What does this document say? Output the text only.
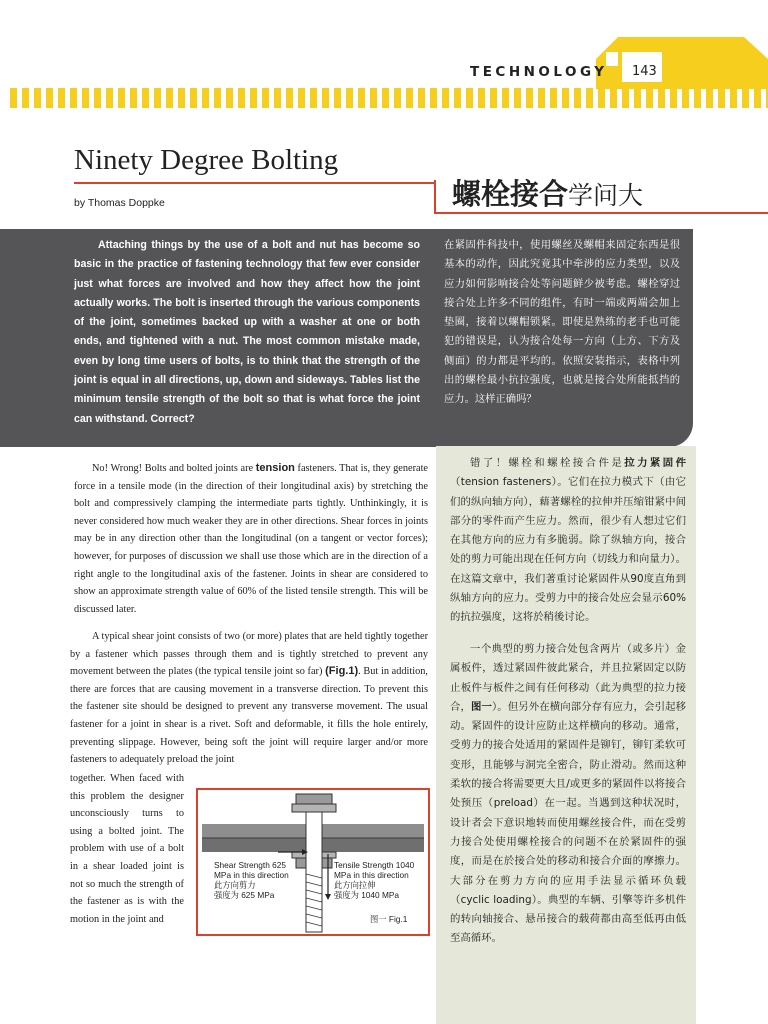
TECHNOLOGY 143
Ninety Degree Bolting
螺栓接合学问大
by Thomas Doppke

Attaching things by the use of a bolt and nut has become so basic in the practice of fastening technology that few ever consider just what forces are involved and how they affect how the joint actually works. The bolt is inserted through the various components of the joint, sometimes backed up with a washer at one or both ends, and tightened with a nut. The most common mistake made, even by long time users of bolts, is to think that the strength of the joint is equal in all directions, up, down and sideways. Tables list the minimum tensile strength of the bolt so that is what force the joint can withstand. Correct?

在紧固件科技中，使用螺丝及螺帽来固定东西是很基本的动作，因此究竟其中牵涉的应力类型，以及应力如何影响接合处等问题鲜少被考虑。螺栓穿过接合处上许多不同的组件，有时一端或两端会加上垫圈，接着以螺帽锁紧。即使是熟练的老手也可能犯的错误是，认为接合处每一方向（上方、下方及侧面）的力都是平均的。依照安装指示，表格中列出的螺栓最小抗拉强度，也就是接合处所能抵挡的应力。这样正确吗？

No! Wrong! Bolts and bolted joints are tension fasteners. That is, they generate force in a tensile mode (in the direction of their longitudinal axis) by stretching the bolt and compressively clamping the intermediate parts tightly. Unthinkingly, it is never considered how much weaker they are in other directions. Shear forces in joints may be in any direction other than the longitudinal (on a tangent or vector forces); however, for purposes of discussion we shall use those which are in the direction of a right angle to the longitudinal axis of the fastener. Joints in shear are considered to show an approximate strength value of 60% of the listed tensile strength. This will be discussed later.

A typical shear joint consists of two (or more) plates that are held tightly together by a fastener which passes through them and is tightly stretched to prevent any movement between the plates (the typical tensile joint so far) (Fig.1). But in addition, there are forces that are causing movement in a transverse direction. To prevent this the fastener site should be designed to prevent any transverse movement. The usual fastener for a joint in shear is a rivet. Soft and deformable, it fills the hole entirely, preventing slippage. However, being soft the joint will require larger and/or more fasteners to adequately preload the joint

together. When faced with this problem the designer unconsciously turns to using a bolted joint. The problem with use of a bolt in a shear loaded joint is not so much the strength of the fastener as is with the motion in the joint and

错了！螺栓和螺栓接合件是拉力紧固件（tension fasteners）。它们在拉力模式下（由它们的纵向轴方向），藉著螺栓的拉伸并压缩钳紧中间部分的零件而产生应力。然而，很少有人想过它们在其他方向的应力有多脆弱。除了纵轴方向，接合处的剪力可能出现在任何方向（切线力和向量力）。在这篇文章中，我们著重讨论紧固件从90度直角到纵轴方向的应力。受剪力中的接合处应会显示60%的抗拉强度，这将於稍後讨论。

一个典型的剪力接合处包含两片（或多片）金属板件，透过紧固件彼此紧合，并且拉紧固定以防止板件与板件之间有任何移动（此为典型的拉力接合，图一）。但另外在横向部分存有应力，会引起移动。紧固件的设计应防止这样横向的移动。通常，受剪力的接合处适用的紧固件是铆钉，铆钉柔软可变形，且能够与洞完全密合，防止滑动。然而这种柔软的接合将需要更大且/或更多的紧固件以将接合处预压（preload）在一起。当遇到这种状况时，设计者会下意识地转而使用螺丝接合件，而在受剪力接合处使用螺栓接合的问题不在於紧固件的强度，而是在於接合处的移动和接合介面的摩擦力。大部分在剪力方向的应用手法显示循环负载（cyclic loading）。典型的车辆、引擎等许多机件的转向轴接合、悬吊接合的载荷都由高至低再由低至高循环。

Shear Strength 625
MPa in this direction
此方向剪力
强度为 625 MPa
Tensile Strength 1040
MPa in this direction
此方向拉伸
强度为 1040 MPa
图一 Fig.1
